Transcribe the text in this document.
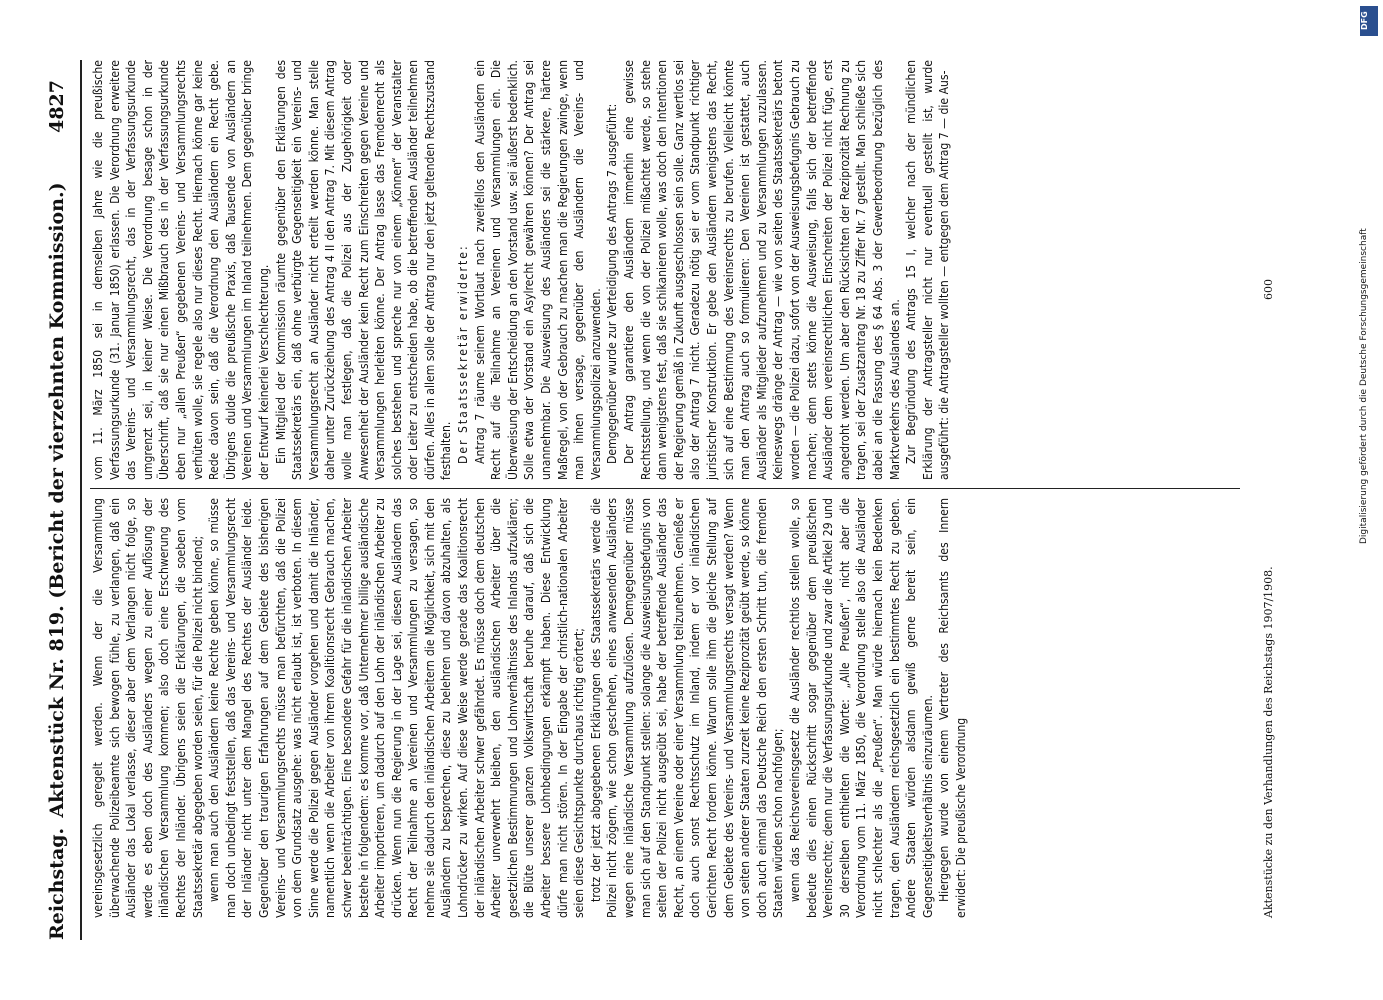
Reichstag.
Aktenstück Nr. 819. (Bericht der vierzehnten Kommission.)
4827

vereinsgesetzlich geregelt werden. Wenn der die Versammlung überwachende Polizeibeamte sich bewogen fühle, zu verlangen, daß ein Ausländer das Lokal verlasse, dieser aber dem Verlangen nicht folge, so werde es eben doch des Ausländers wegen zu einer Auflösung der inländischen Versammlung kommen; also doch eine Erschwerung des Rechtes der Inländer. Übrigens seien die Erklärungen, die soeben vom Staatssekretär abgegeben worden seien, für die Polizei nicht bindend; wenn man auch den Ausländern keine Rechte geben könne, so müsse man doch unbedingt feststellen, daß das Vereins- und Versammlungsrecht der Inländer nicht unter dem Mangel des Rechtes der Ausländer leide. Gegenüber den traurigen Erfahrungen auf dem Gebiete des bisherigen Vereins- und Versammlungsrechts müsse man befürchten, daß die Polizei von dem Grundsatz ausgehe: was nicht erlaubt ist, ist verboten. In diesem Sinne werde die Polizei gegen Ausländer vorgehen und damit die Inländer, namentlich wenn die Arbeiter von ihrem Koalitionsrecht Gebrauch machen, schwer beeinträchtigen. Eine besondere Gefahr für die inländischen Arbeiter bestehe in folgendem: es komme vor, daß Unternehmer billige ausländische Arbeiter importieren, um dadurch auf den Lohn der inländischen Arbeiter zu drücken. Wenn nun die Regierung in der Lage sei, diesen Ausländern das Recht der Teilnahme an Vereinen und Versammlungen zu versagen, so nehme sie dadurch den inländischen Arbeitern die Möglichkeit, sich mit den Ausländern zu besprechen, diese zu belehren und davon abzuhalten, als Lohndrücker zu wirken. Auf diese Weise werde gerade das Koalitionsrecht der inländischen Arbeiter schwer gefährdet. Es müsse doch dem deutschen Arbeiter unverwehrt bleiben, den ausländischen Arbeiter über die gesetzlichen Bestimmungen und Lohnverhältnisse des Inlands aufzuklären; die Blüte unserer ganzen Volkswirtschaft beruhe darauf, daß sich die Arbeiter bessere Lohnbedingungen erkämpft haben. Diese Entwicklung dürfe man nicht stören. In der Eingabe der christlich-nationalen Arbeiter seien diese Gesichtspunkte durchaus richtig erörtert; trotz der jetzt abgegebenen Erklärungen des Staatssekretärs werde die Polizei nicht zögern, wie schon geschehen, eines anwesenden Ausländers wegen eine inländische Versammlung aufzulösen. Demgegenüber müsse man sich auf den Standpunkt stellen: solange die Ausweisungsbefugnis von seiten der Polizei nicht ausgeübt sei, habe der betreffende Ausländer das Recht, an einem Vereine oder einer Versammlung teilzunehmen. Genieße er doch auch sonst Rechtsschutz im Inland, indem er vor inländischen Gerichten Recht fordern könne. Warum solle ihm die gleiche Stellung auf dem Gebiete des Vereins- und Versammlungsrechts versagt werden? Wenn von seiten anderer Staaten zurzeit keine Reziprozität geübt werde, so könne doch auch einmal das Deutsche Reich den ersten Schritt tun, die fremden Staaten würden schon nachfolgen; wenn das Reichsvereinsgesetz die Ausländer rechtlos stellen wolle, so bedeute dies einen Rückschritt sogar gegenüber dem preußischen Vereinsrechte; denn nur die Verfassungsurkunde und zwar die Artikel 29 und 30 derselben enthielten die Worte: „Alle Preußen“, nicht aber die Verordnung vom 11. März 1850, die Verordnung stelle also die Ausländer nicht schlechter als die „Preußen“. Man würde hiernach kein Bedenken tragen, den Ausländern reichsgesetzlich ein bestimmtes Recht zu geben. Andere Staaten würden alsdann gewiß gerne bereit sein, ein Gegenseitigkeitsverhältnis einzuräumen. Hiergegen wurde von einem Vertreter des Reichsamts des Innern erwidert: Die preußische Verordnung

vom 11. März 1850 sei in demselben Jahre wie die preußische Verfassungsurkunde (31. Januar 1850) erlassen. Die Verordnung erweitere das Vereins- und Versammlungsrecht, das in der Verfassungsurkunde umgrenzt sei, in keiner Weise. Die Verordnung besage schon in der Überschrift, daß sie nur einen Mißbrauch des in der Verfassungsurkunde eben nur „allen Preußen“ gegebenen Vereins- und Versammlungsrechts verhüten wolle, sie regele also nur dieses Recht. Hiernach könne gar keine Rede davon sein, daß die Verordnung den Ausländern ein Recht gebe. Übrigens dulde die preußische Praxis, daß Tausende von Ausländern an Vereinen und Versammlungen im Inland teilnehmen. Dem gegenüber bringe der Entwurf keinerlei Verschlechterung. Ein Mitglied der Kommission räumte gegenüber den Erklärungen des Staatssekretärs ein, daß ohne verbürgte Gegenseitigkeit ein Vereins- und Versammlungsrecht an Ausländer nicht erteilt werden könne. Man stelle daher unter Zurückziehung des Antrag 4 II den Antrag 7. Mit diesem Antrag wolle man festlegen, daß die Polizei aus der Zugehörigkeit oder Anwesenheit der Ausländer kein Recht zum Einschreiten gegen Vereine und Versammlungen herleiten könne. Der Antrag lasse das Fremdenrecht als solches bestehen und spreche nur von einem „Können“ der Veranstalter oder Leiter zu entscheiden habe, ob die betreffenden Ausländer teilnehmen dürfen. Alles in allem solle der Antrag nur den jetzt geltenden Rechtszustand festhalten. Der Staatssekretär erwiderte: Antrag 7 räume seinem Wortlaut nach zweifellos den Ausländern ein Recht auf die Teilnahme an Vereinen und Versammlungen ein. Die Überweisung der Entscheidung an den Vorstand usw. sei äußerst bedenklich. Solle etwa der Vorstand ein Asylrecht gewähren können? Der Antrag sei unannehmbar. Die Ausweisung des Ausländers sei die stärkere, härtere Maßregel, von der Gebrauch zu machen man die Regierungen zwinge, wenn man ihnen versage, gegenüber den Ausländern die Vereins- und Versammlungspolizei anzuwenden. Demgegenüber wurde zur Verteidigung des Antrags 7 ausgeführt: Der Antrag garantiere den Ausländern immerhin eine gewisse Rechtsstellung, und wenn die von der Polizei mißachtet werde, so stehe dann wenigstens fest, daß sie schikanieren wolle, was doch den Intentionen der Regierung gemäß in Zukunft ausgeschlossen sein solle. Ganz wertlos sei also der Antrag 7 nicht. Geradezu nötig sei er vom Standpunkt richtiger juristischer Konstruktion. Er gebe den Ausländern wenigstens das Recht, sich auf eine Bestimmung des Vereinsrechts zu berufen. Vielleicht könnte man den Antrag auch so formulieren: Den Vereinen ist gestattet, auch Ausländer als Mitglieder aufzunehmen und zu Versammlungen zuzulassen. Keineswegs dränge der Antrag — wie von seiten des Staatssekretärs betont worden — die Polizei dazu, sofort von der Ausweisungsbefugnis Gebrauch zu machen; denn stets könne die Ausweisung, falls sich der betreffende Ausländer dem vereinsrechtlichen Einschreiten der Polizei nicht füge, erst angedroht werden. Um aber den Rücksichten der Reziprozität Rechnung zu tragen, sei der Zusatzantrag Nr. 18 zu Ziffer Nr. 7 gestellt. Man schließe sich dabei an die Fassung des § 64 Abs. 3 der Gewerbeordnung bezüglich des Marktverkehrs des Auslandes an. Zur Begründung des Antrags 15 I, welcher nach der mündlichen Erklärung der Antragsteller nicht nur eventuell gestellt ist, wurde ausgeführt: die Antragsteller wollten — entgegen dem Antrag 7 — die Aus-

Aktenstücke zu den Verhandlungen des Reichstags 1907/1908.
600
DFG
Digitalisierung gefördert durch die Deutsche Forschungsgemeinschaft
